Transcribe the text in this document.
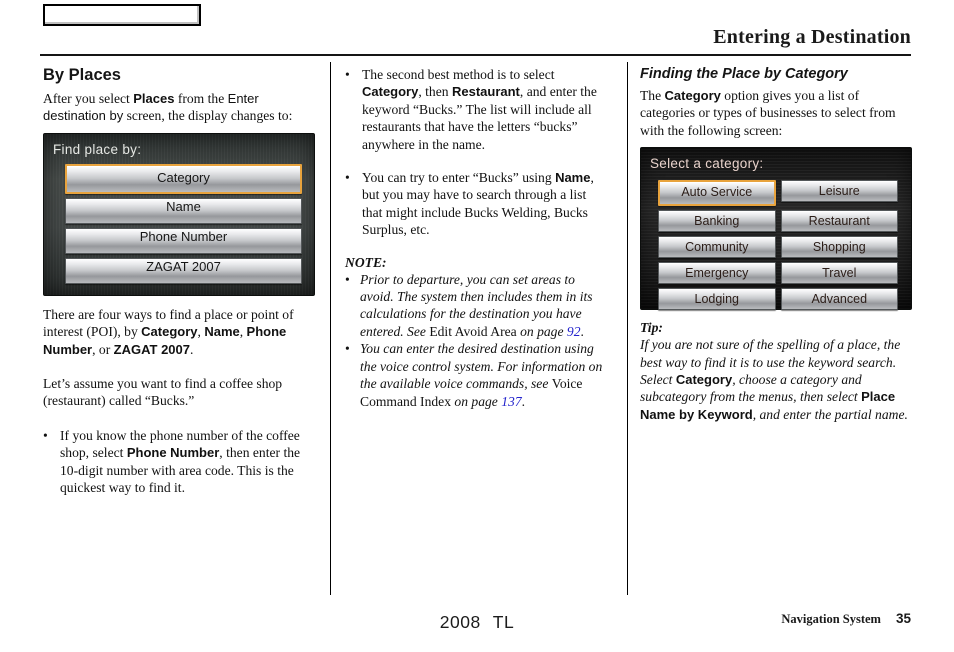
Entering a Destination
By Places

After you select Places from the Enter destination by screen, the display changes to:

Find place by:
Category
Name
Phone Number
ZAGAT 2007

There are four ways to find a place or point of interest (POI), by Category, Name, Phone Number, or ZAGAT 2007.

Let’s assume you want to find a coffee shop (restaurant) called “Bucks.”

•
If you know the phone number of the coffee shop, select Phone Number, then enter the 10-digit number with area code. This is the quickest way to find it.
•
The second best method is to select Category, then Restaurant, and enter the keyword “Bucks.” The list will include all restaurants that have the letters “bucks” anywhere in the name.
•
You can try to enter “Bucks” using Name, but you may have to search through a list that might include Bucks Welding, Bucks Surplus, etc.
NOTE:
•
Prior to departure, you can set areas to avoid. The system then includes them in its calculations for the destination you have entered. See Edit Avoid Area on page 92.
•
You can enter the desired destination using the voice control system. For information on the available voice commands, see Voice Command Index on page 137.
Finding the Place by Category

The Category option gives you a list of categories or types of businesses to select from with the following screen:

Select a category:
Auto Service	Leisure
Banking	Restaurant
Community	Shopping
Emergency	Travel
Lodging	Advanced
Tip:

If you are not sure of the spelling of a place, the best way to find it is to use the keyword search. Select Category, choose a category and subcategory from the menus, then select Place Name by Keyword, and enter the partial name.

2008 TL	Navigation System 35
